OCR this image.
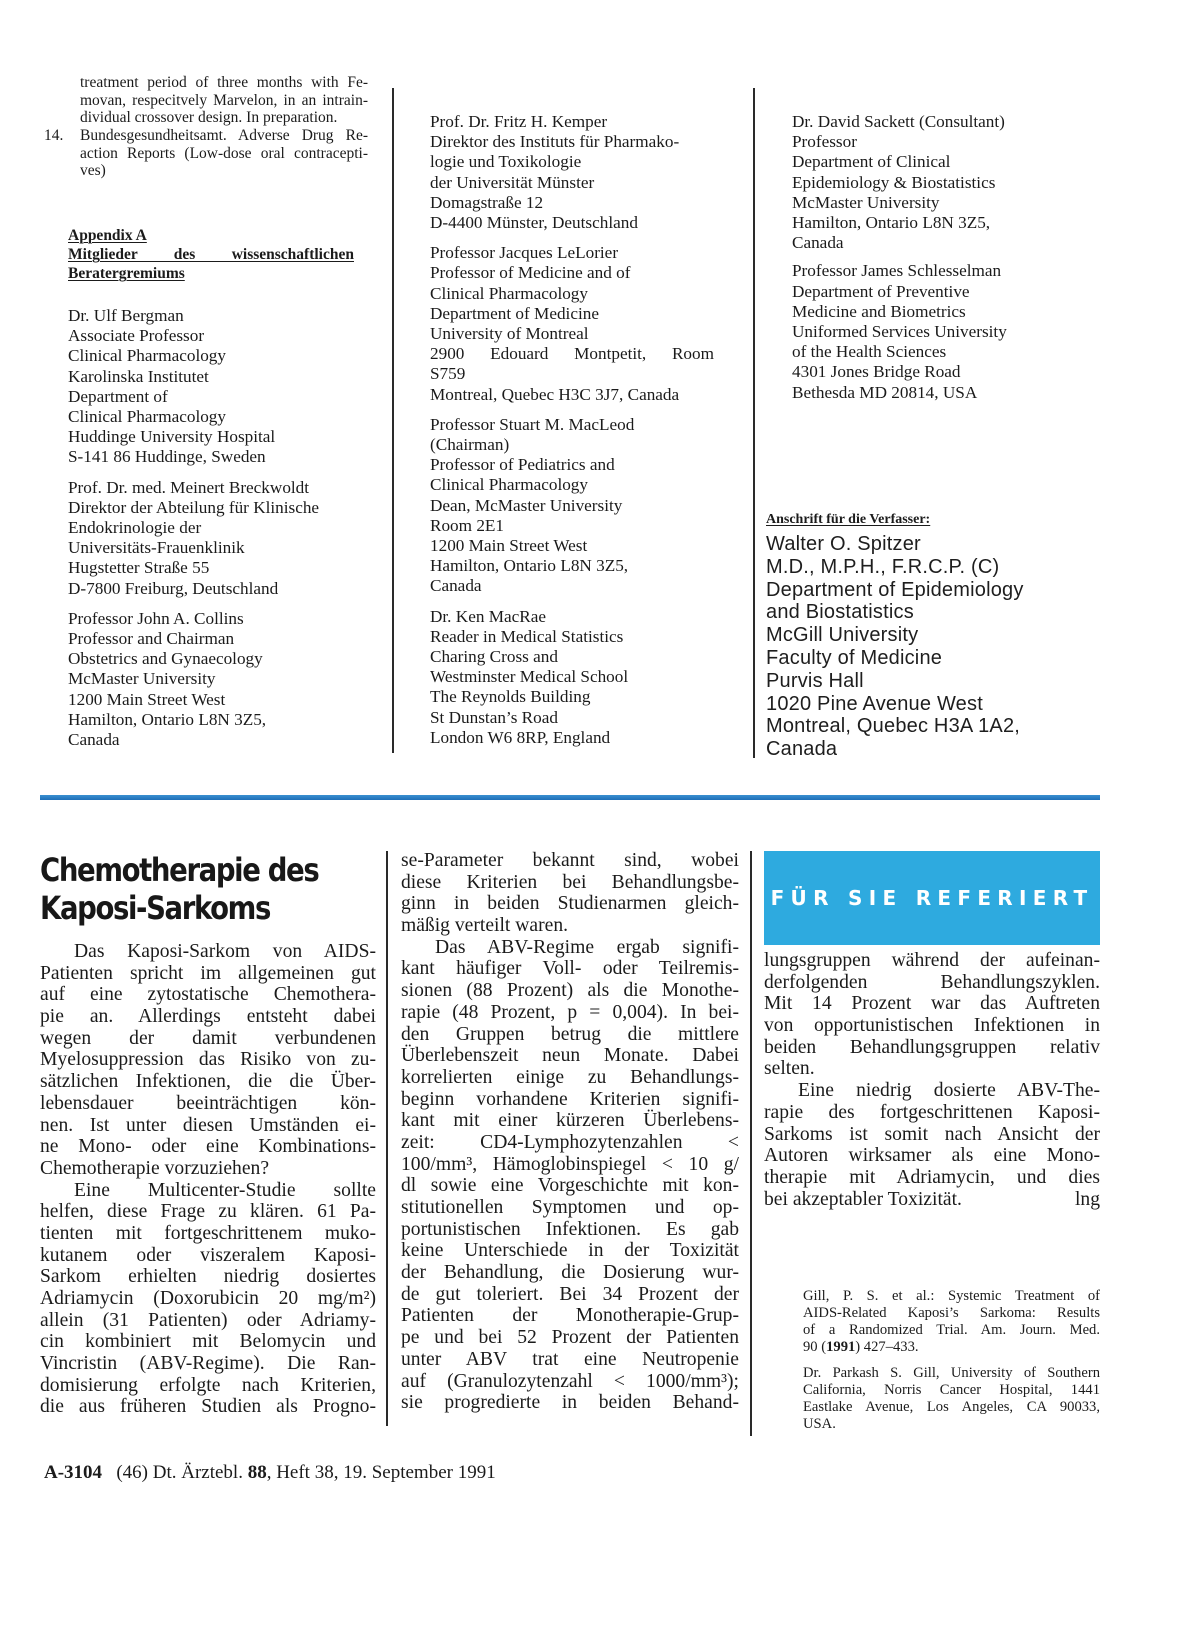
treatment period of three months with Fe-
movan, respecitvely Marvelon, in an intrain-
dividual crossover design. In preparation.
14. Bundesgesundheitsamt. Adverse Drug Re-
action Reports (Low-dose oral contracepti-
ves)
Appendix A
Mitglieder des wissenschaftlichen
Beratergremiums
Dr. Ulf Bergman
Associate Professor
Clinical Pharmacology
Karolinska Institutet
Department of
Clinical Pharmacology
Huddinge University Hospital
S-141 86 Huddinge, Sweden
Prof. Dr. med. Meinert Breckwoldt
Direktor der Abteilung für Klinische
Endokrinologie der
Universitäts-Frauenklinik
Hugstetter Straße 55
D-7800 Freiburg, Deutschland
Professor John A. Collins
Professor and Chairman
Obstetrics and Gynaecology
McMaster University
1200 Main Street West
Hamilton, Ontario L8N 3Z5,
Canada
Prof. Dr. Fritz H. Kemper
Direktor des Instituts für Pharmako-
logie und Toxikologie
der Universität Münster
Domagstraße 12
D-4400 Münster, Deutschland
Professor Jacques LeLorier
Professor of Medicine and of
Clinical Pharmacology
Department of Medicine
University of Montreal
2900 Edouard Montpetit, Room
S759
Montreal, Quebec H3C 3J7, Canada
Professor Stuart M. MacLeod
(Chairman)
Professor of Pediatrics and
Clinical Pharmacology
Dean, McMaster University
Room 2E1
1200 Main Street West
Hamilton, Ontario L8N 3Z5,
Canada
Dr. Ken MacRae
Reader in Medical Statistics
Charing Cross and
Westminster Medical School
The Reynolds Building
St Dunstan’s Road
London W6 8RP, England
Dr. David Sackett (Consultant)
Professor
Department of Clinical
Epidemiology & Biostatistics
McMaster University
Hamilton, Ontario L8N 3Z5,
Canada
Professor James Schlesselman
Department of Preventive
Medicine and Biometrics
Uniformed Services University
of the Health Sciences
4301 Jones Bridge Road
Bethesda MD 20814, USA
Anschrift für die Verfasser:
Walter O. Spitzer
M.D., M.P.H., F.R.C.P. (C)
Department of Epidemiology
and Biostatistics
McGill University
Faculty of Medicine
Purvis Hall
1020 Pine Avenue West
Montreal, Quebec H3A 1A2,
Canada
Chemotherapie des
Kaposi-Sarkoms
Das Kaposi-Sarkom von AIDS-
Patienten spricht im allgemeinen gut
auf eine zytostatische Chemothera-
pie an. Allerdings entsteht dabei
wegen der damit verbundenen
Myelosuppression das Risiko von zu-
sätzlichen Infektionen, die die Über-
lebensdauer beeinträchtigen kön-
nen. Ist unter diesen Umständen ei-
ne Mono- oder eine Kombinations-
Chemotherapie vorzuziehen?
Eine Multicenter-Studie sollte
helfen, diese Frage zu klären. 61 Pa-
tienten mit fortgeschrittenem muko-
kutanem oder viszeralem Kaposi-
Sarkom erhielten niedrig dosiertes
Adriamycin (Doxorubicin 20 mg/m²)
allein (31 Patienten) oder Adriamy-
cin kombiniert mit Belomycin und
Vincristin (ABV-Regime). Die Ran-
domisierung erfolgte nach Kriterien,
die aus früheren Studien als Progno-
se-Parameter bekannt sind, wobei
diese Kriterien bei Behandlungsbe-
ginn in beiden Studienarmen gleich-
mäßig verteilt waren.
Das ABV-Regime ergab signifi-
kant häufiger Voll- oder Teilremis-
sionen (88 Prozent) als die Monothe-
rapie (48 Prozent, p = 0,004). In bei-
den Gruppen betrug die mittlere
Überlebenszeit neun Monate. Dabei
korrelierten einige zu Behandlungs-
beginn vorhandene Kriterien signifi-
kant mit einer kürzeren Überlebens-
zeit: CD4-Lymphozytenzahlen <
100/mm³, Hämoglobinspiegel < 10 g/
dl sowie eine Vorgeschichte mit kon-
stitutionellen Symptomen und op-
portunistischen Infektionen. Es gab
keine Unterschiede in der Toxizität
der Behandlung, die Dosierung wur-
de gut toleriert. Bei 34 Prozent der
Patienten der Monotherapie-Grup-
pe und bei 52 Prozent der Patienten
unter ABV trat eine Neutropenie
auf (Granulozytenzahl < 1000/mm³);
sie progredierte in beiden Behand-
FÜR SIE REFERIERT
lungsgruppen während der aufeinan-
derfolgenden Behandlungszyklen.
Mit 14 Prozent war das Auftreten
von opportunistischen Infektionen in
beiden Behandlungsgruppen relativ
selten.
Eine niedrig dosierte ABV-The-
rapie des fortgeschrittenen Kaposi-
Sarkoms ist somit nach Ansicht der
Autoren wirksamer als eine Mono-
therapie mit Adriamycin, und dies
bei akzeptabler Toxizität.	lng
Gill, P. S. et al.: Systemic Treatment of
AIDS-Related Kaposi’s Sarkoma: Results
of a Randomized Trial. Am. Journ. Med.
90 (1991) 427–433.
Dr. Parkash S. Gill, University of Southern
California, Norris Cancer Hospital, 1441
Eastlake Avenue, Los Angeles, CA 90033,
USA.
A-3104 (46) Dt. Ärztebl. 88, Heft 38, 19. September 1991
